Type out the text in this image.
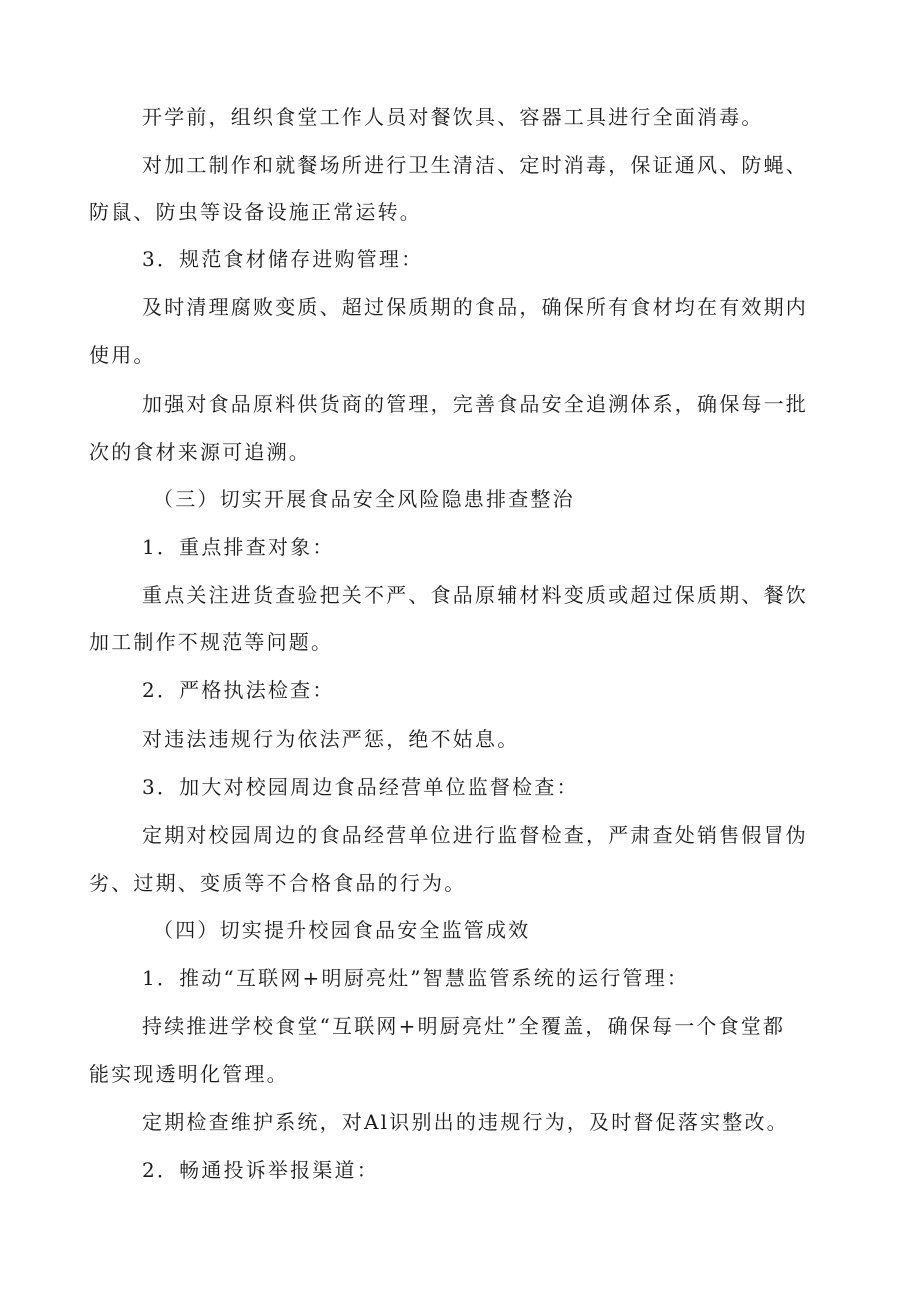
开学前，组织食堂工作人员对餐饮具、容器工具进行全面消毒。
对加工制作和就餐场所进行卫生清洁、定时消毒，保证通风、防蝇、
防鼠、防虫等设备设施正常运转。
3．规范食材储存进购管理：
及时清理腐败变质、超过保质期的食品，确保所有食材均在有效期内
使用。
加强对食品原料供货商的管理，完善食品安全追溯体系，确保每一批
次的食材来源可追溯。
（三）切实开展食品安全风险隐患排查整治
1．重点排查对象：
重点关注进货查验把关不严、食品原辅材料变质或超过保质期、餐饮
加工制作不规范等问题。
2．严格执法检查：
对违法违规行为依法严惩，绝不姑息。
3．加大对校园周边食品经营单位监督检查：
定期对校园周边的食品经营单位进行监督检查，严肃查处销售假冒伪
劣、过期、变质等不合格食品的行为。
（四）切实提升校园食品安全监管成效
1．推动“互联网+明厨亮灶”智慧监管系统的运行管理：
持续推进学校食堂“互联网+明厨亮灶”全覆盖，确保每一个食堂都
能实现透明化管理。
定期检查维护系统，对Al识别出的违规行为，及时督促落实整改。
2．畅通投诉举报渠道：
